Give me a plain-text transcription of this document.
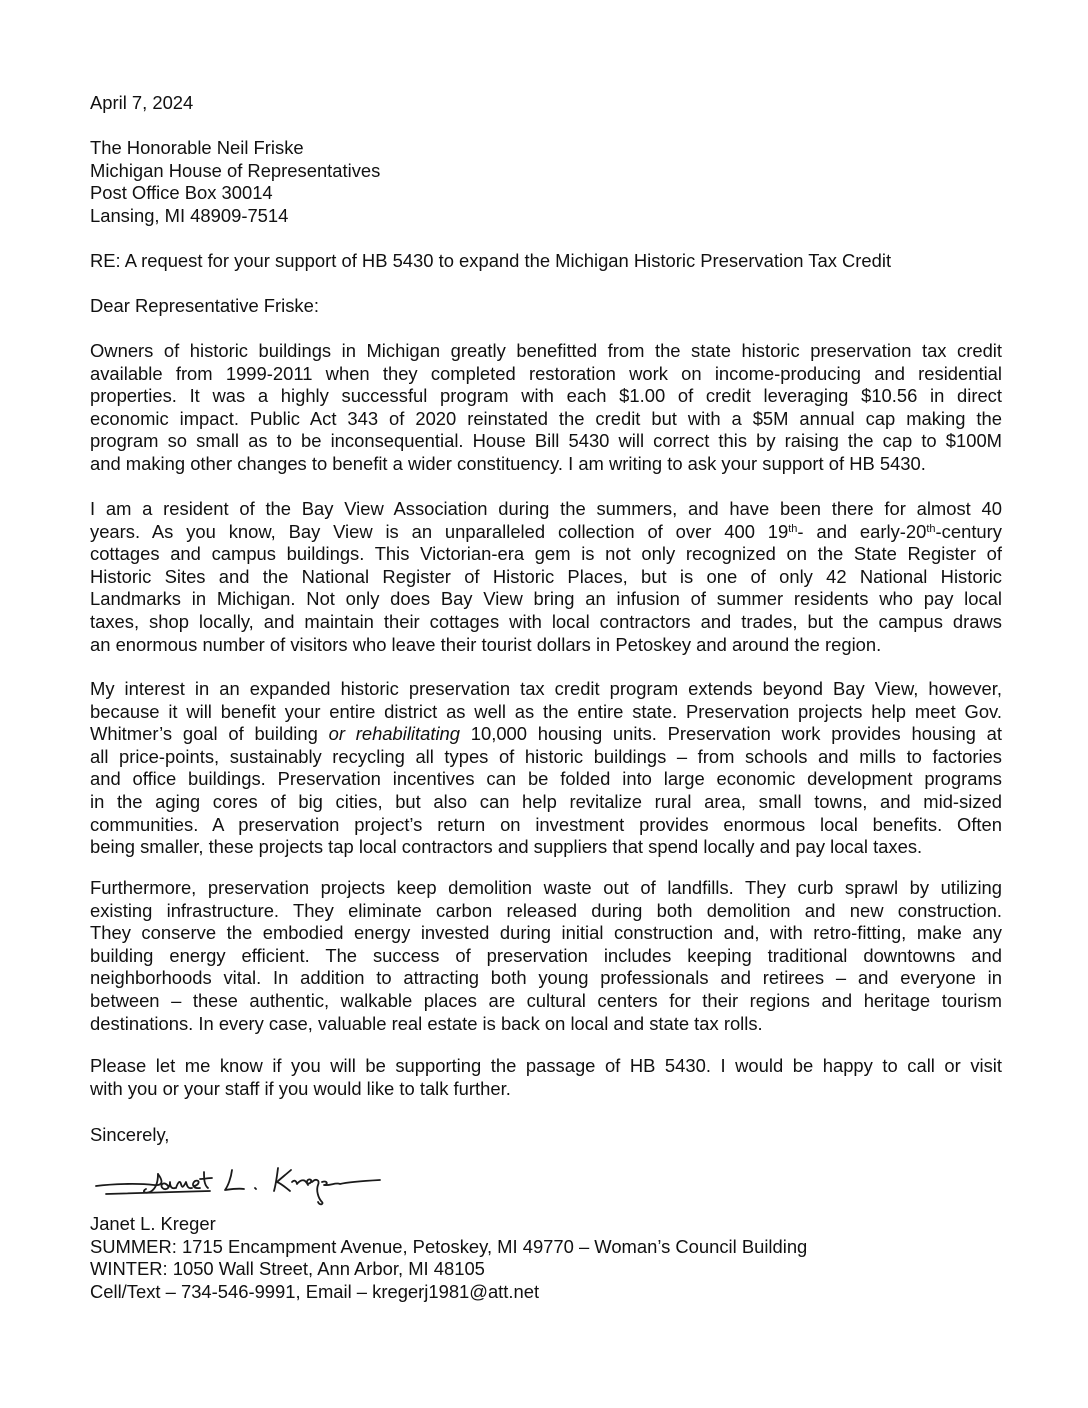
April 7, 2024
The Honorable Neil Friske
Michigan House of Representatives
Post Office Box 30014
Lansing, MI 48909-7514
RE: A request for your support of HB 5430 to expand the Michigan Historic Preservation Tax Credit
Dear Representative Friske:
Owners of historic buildings in Michigan greatly benefitted from the state historic preservation tax credit
available from 1999-2011 when they completed restoration work on income-producing and residential
properties. It was a highly successful program with each $1.00 of credit leveraging $10.56 in direct
economic impact. Public Act 343 of 2020 reinstated the credit but with a $5M annual cap making the
program so small as to be inconsequential. House Bill 5430 will correct this by raising the cap to $100M
and making other changes to benefit a wider constituency. I am writing to ask your support of HB 5430.
I am a resident of the Bay View Association during the summers, and have been there for almost 40
years. As you know, Bay View is an unparalleled collection of over 400 19th- and early-20th-century
cottages and campus buildings. This Victorian-era gem is not only recognized on the State Register of
Historic Sites and the National Register of Historic Places, but is one of only 42 National Historic
Landmarks in Michigan. Not only does Bay View bring an infusion of summer residents who pay local
taxes, shop locally, and maintain their cottages with local contractors and trades, but the campus draws
an enormous number of visitors who leave their tourist dollars in Petoskey and around the region.
My interest in an expanded historic preservation tax credit program extends beyond Bay View, however,
because it will benefit your entire district as well as the entire state. Preservation projects help meet Gov.
Whitmer’s goal of building or rehabilitating 10,000 housing units. Preservation work provides housing at
all price-points, sustainably recycling all types of historic buildings – from schools and mills to factories
and office buildings. Preservation incentives can be folded into large economic development programs
in the aging cores of big cities, but also can help revitalize rural area, small towns, and mid-sized
communities. A preservation project’s return on investment provides enormous local benefits. Often
being smaller, these projects tap local contractors and suppliers that spend locally and pay local taxes.
Furthermore, preservation projects keep demolition waste out of landfills. They curb sprawl by utilizing
existing infrastructure. They eliminate carbon released during both demolition and new construction.
They conserve the embodied energy invested during initial construction and, with retro-fitting, make any
building energy efficient. The success of preservation includes keeping traditional downtowns and
neighborhoods vital. In addition to attracting both young professionals and retirees – and everyone in
between – these authentic, walkable places are cultural centers for their regions and heritage tourism
destinations. In every case, valuable real estate is back on local and state tax rolls.
Please let me know if you will be supporting the passage of HB 5430. I would be happy to call or visit
with you or your staff if you would like to talk further.
Sincerely,
Janet L. Kreger
SUMMER: 1715 Encampment Avenue, Petoskey, MI 49770 – Woman’s Council Building
WINTER: 1050 Wall Street, Ann Arbor, MI 48105
Cell/Text – 734-546-9991, Email – kregerj1981@att.net
